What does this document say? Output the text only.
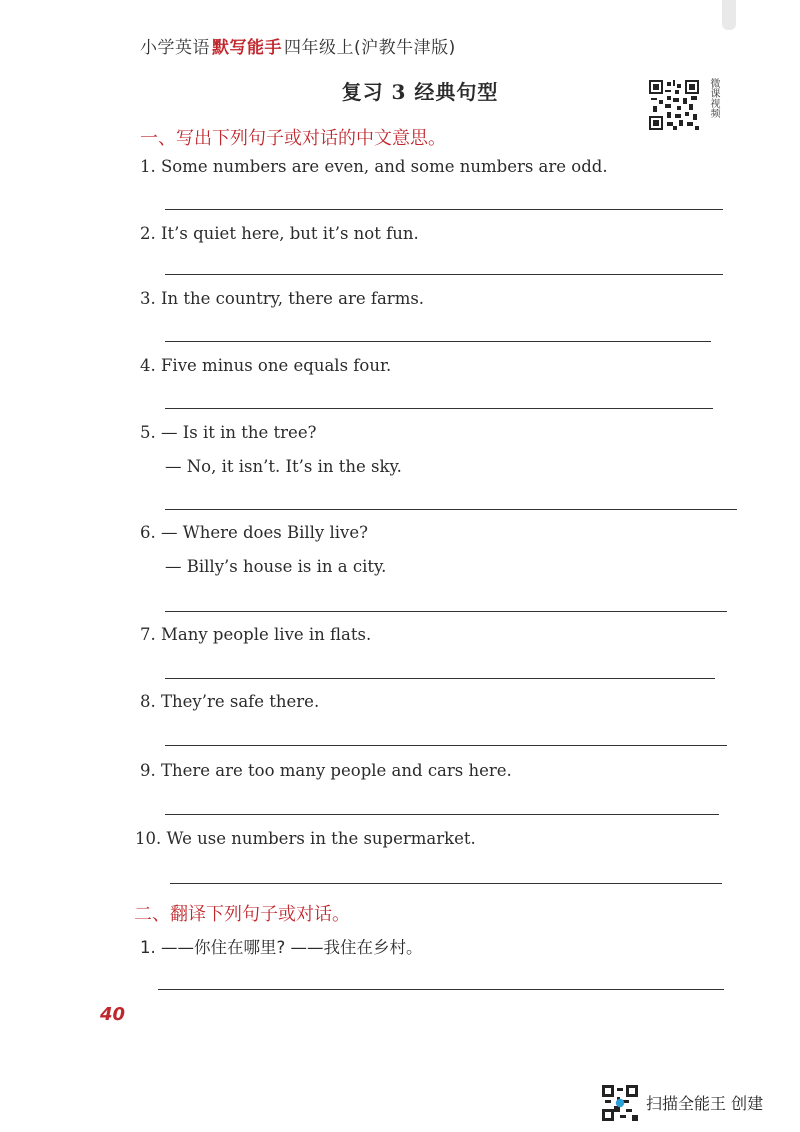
小学英语 默写能手 四年级上(沪教牛津版)
复习 3 经典句型	微课视频
一、写出下列句子或对话的中文意思。
1. Some numbers are even, and some numbers are odd.
2. It’s quiet here, but it’s not fun.
3. In the country, there are farms.
4. Five minus one equals four.
5. — Is it in the tree?
— No, it isn’t. It’s in the sky.
6. — Where does Billy live?
— Billy’s house is in a city.
7. Many people live in flats.
8. They’re safe there.
9. There are too many people and cars here.
10. We use numbers in the supermarket.
二、翻译下列句子或对话。
1. ——你住在哪里? ——我住在乡村。
40
扫描全能王 创建
